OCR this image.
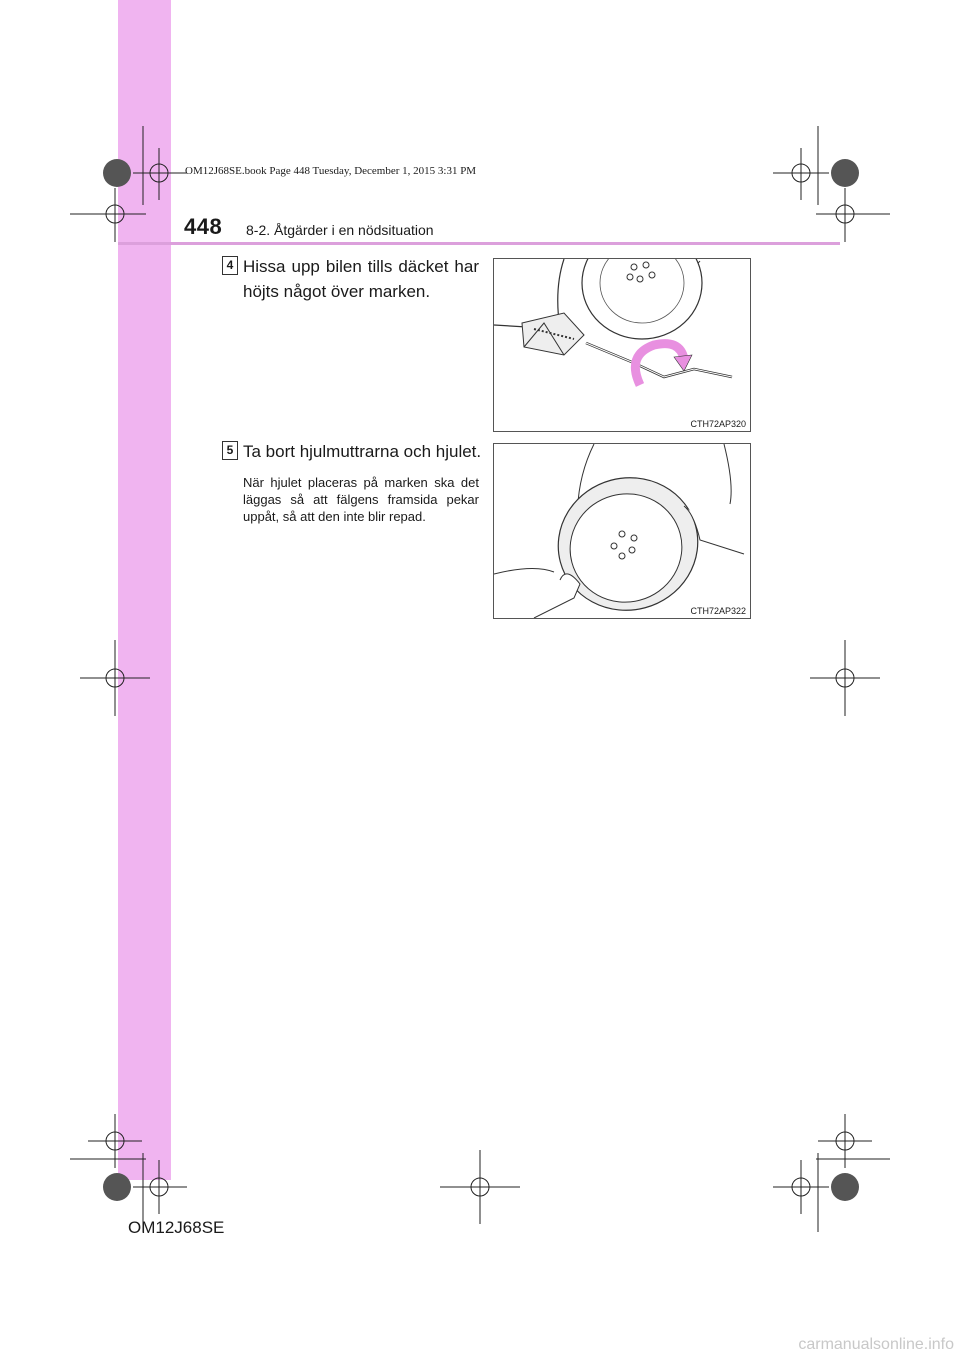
OM12J68SE.book Page 448 Tuesday, December 1, 2015 3:31 PM
448 8-2. Åtgärder i en nödsituation
4 Hissa upp bilen tills däcket har höjts något över marken.
CTH72AP320
5 Ta bort hjulmuttrarna och hjulet.
När hjulet placeras på marken ska det läggas så att fälgens framsida pekar uppåt, så att den inte blir repad.
CTH72AP322
OM12J68SE
carmanualsonline.info
